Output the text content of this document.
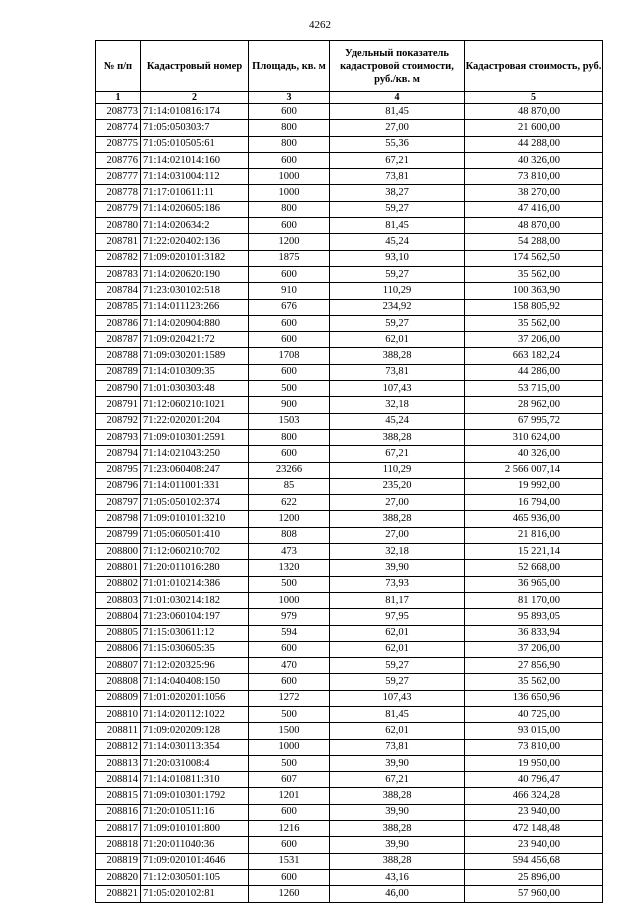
4262
№ п/п	Кадастровый номер	Площадь, кв. м	Удельный показатель кадастровой стоимости, руб./кв. м	Кадастровая стоимость, руб.
1	2	3	4	5
208773	71:14:010816:174	600	81,45	48 870,00
208774	71:05:050303:7	800	27,00	21 600,00
208775	71:05:010505:61	800	55,36	44 288,00
208776	71:14:021014:160	600	67,21	40 326,00
208777	71:14:031004:112	1000	73,81	73 810,00
208778	71:17:010611:11	1000	38,27	38 270,00
208779	71:14:020605:186	800	59,27	47 416,00
208780	71:14:020634:2	600	81,45	48 870,00
208781	71:22:020402:136	1200	45,24	54 288,00
208782	71:09:020101:3182	1875	93,10	174 562,50
208783	71:14:020620:190	600	59,27	35 562,00
208784	71:23:030102:518	910	110,29	100 363,90
208785	71:14:011123:266	676	234,92	158 805,92
208786	71:14:020904:880	600	59,27	35 562,00
208787	71:09:020421:72	600	62,01	37 206,00
208788	71:09:030201:1589	1708	388,28	663 182,24
208789	71:14:010309:35	600	73,81	44 286,00
208790	71:01:030303:48	500	107,43	53 715,00
208791	71:12:060210:1021	900	32,18	28 962,00
208792	71:22:020201:204	1503	45,24	67 995,72
208793	71:09:010301:2591	800	388,28	310 624,00
208794	71:14:021043:250	600	67,21	40 326,00
208795	71:23:060408:247	23266	110,29	2 566 007,14
208796	71:14:011001:331	85	235,20	19 992,00
208797	71:05:050102:374	622	27,00	16 794,00
208798	71:09:010101:3210	1200	388,28	465 936,00
208799	71:05:060501:410	808	27,00	21 816,00
208800	71:12:060210:702	473	32,18	15 221,14
208801	71:20:011016:280	1320	39,90	52 668,00
208802	71:01:010214:386	500	73,93	36 965,00
208803	71:01:030214:182	1000	81,17	81 170,00
208804	71:23:060104:197	979	97,95	95 893,05
208805	71:15:030611:12	594	62,01	36 833,94
208806	71:15:030605:35	600	62,01	37 206,00
208807	71:12:020325:96	470	59,27	27 856,90
208808	71:14:040408:150	600	59,27	35 562,00
208809	71:01:020201:1056	1272	107,43	136 650,96
208810	71:14:020112:1022	500	81,45	40 725,00
208811	71:09:020209:128	1500	62,01	93 015,00
208812	71:14:030113:354	1000	73,81	73 810,00
208813	71:20:031008:4	500	39,90	19 950,00
208814	71:14:010811:310	607	67,21	40 796,47
208815	71:09:010301:1792	1201	388,28	466 324,28
208816	71:20:010511:16	600	39,90	23 940,00
208817	71:09:010101:800	1216	388,28	472 148,48
208818	71:20:011040:36	600	39,90	23 940,00
208819	71:09:020101:4646	1531	388,28	594 456,68
208820	71:12:030501:105	600	43,16	25 896,00
208821	71:05:020102:81	1260	46,00	57 960,00
